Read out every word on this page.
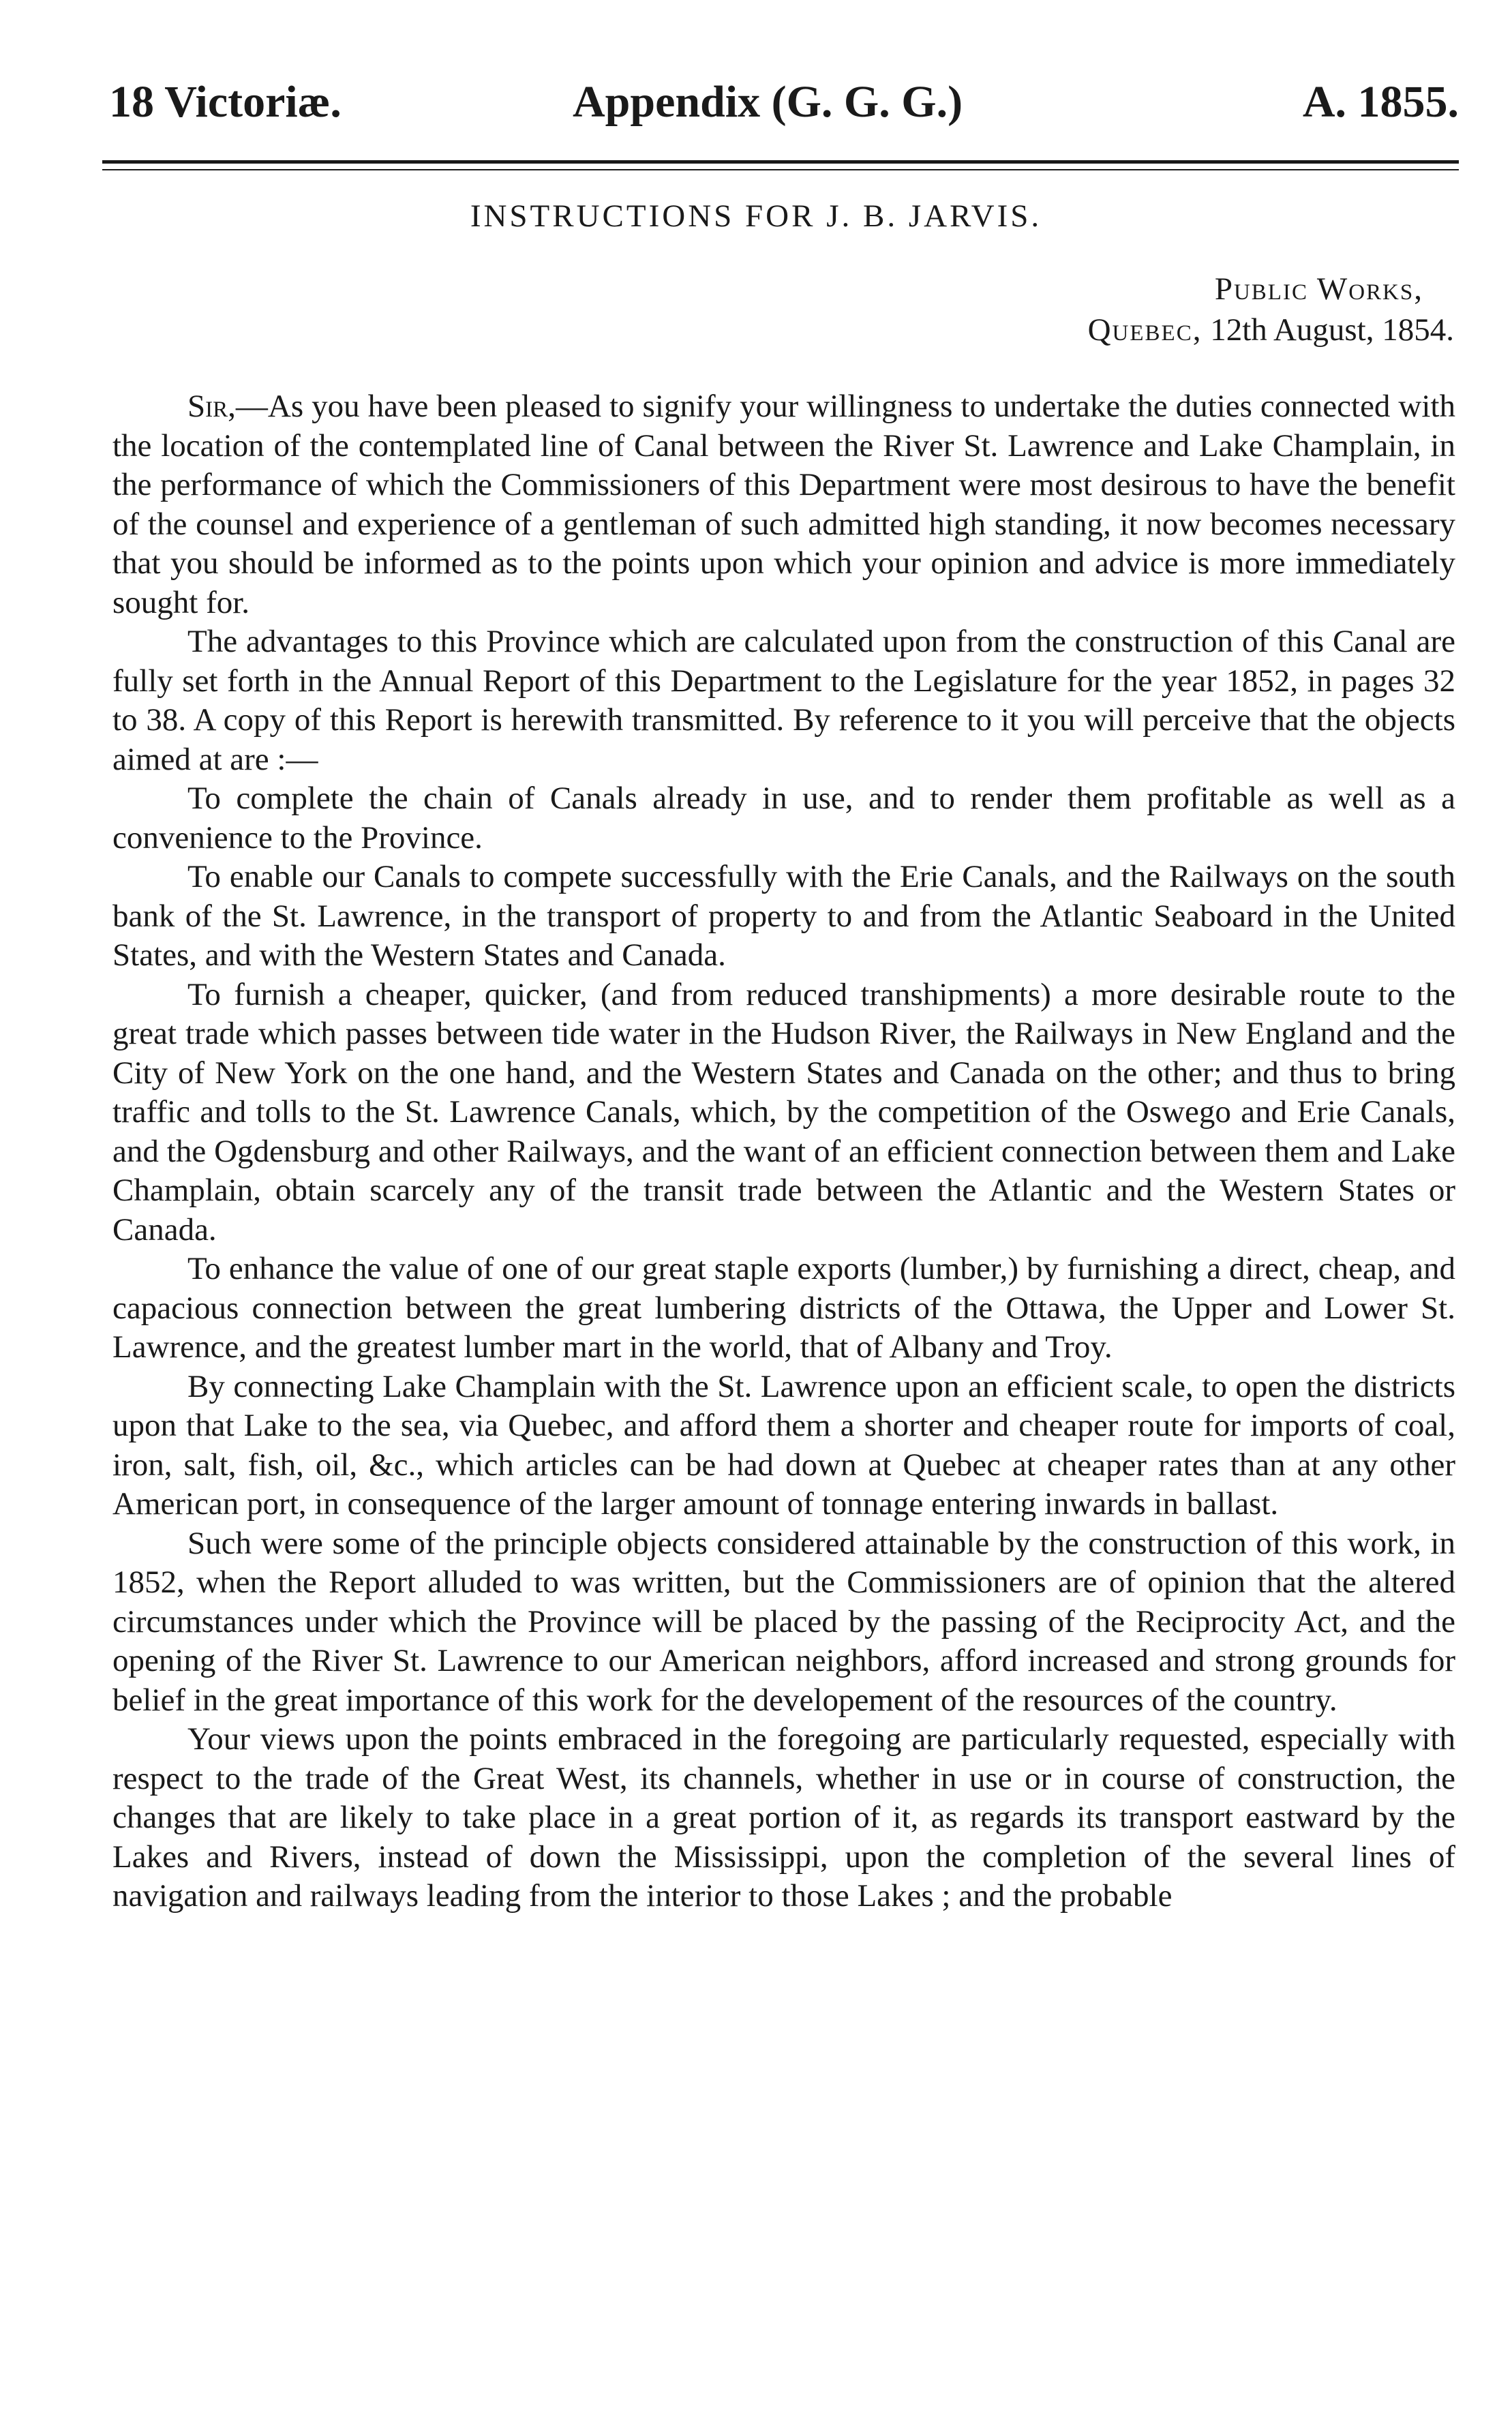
18 Victoriæ.	Appendix (G. G. G.)	A. 1855.
INSTRUCTIONS FOR J. B. JARVIS.
Public Works,
Quebec, 12th August, 1854.

Sir,—As you have been pleased to signify your willingness to undertake the duties connected with the location of the contemplated line of Canal between the River St. Lawrence and Lake Champlain, in the performance of which the Commissioners of this Department were most desirous to have the benefit of the counsel and experience of a gentleman of such admitted high standing, it now becomes necessary that you should be informed as to the points upon which your opinion and advice is more immediately sought for.

The advantages to this Province which are calculated upon from the construction of this Canal are fully set forth in the Annual Report of this Department to the Legislature for the year 1852, in pages 32 to 38. A copy of this Report is herewith transmitted. By reference to it you will perceive that the objects aimed at are :—

To complete the chain of Canals already in use, and to render them profitable as well as a convenience to the Province.

To enable our Canals to compete successfully with the Erie Canals, and the Railways on the south bank of the St. Lawrence, in the transport of property to and from the Atlantic Seaboard in the United States, and with the Western States and Canada.

To furnish a cheaper, quicker, (and from reduced transhipments) a more desirable route to the great trade which passes between tide water in the Hudson River, the Railways in New England and the City of New York on the one hand, and the Western States and Canada on the other; and thus to bring traffic and tolls to the St. Lawrence Canals, which, by the competition of the Oswego and Erie Canals, and the Ogdensburg and other Railways, and the want of an efficient connection between them and Lake Champlain, obtain scarcely any of the transit trade between the Atlantic and the Western States or Canada.

To enhance the value of one of our great staple exports (lumber,) by furnishing a direct, cheap, and capacious connection between the great lumbering districts of the Ottawa, the Upper and Lower St. Lawrence, and the greatest lumber mart in the world, that of Albany and Troy.

By connecting Lake Champlain with the St. Lawrence upon an efficient scale, to open the districts upon that Lake to the sea, via Quebec, and afford them a shorter and cheaper route for imports of coal, iron, salt, fish, oil, &c., which articles can be had down at Quebec at cheaper rates than at any other American port, in consequence of the larger amount of tonnage entering inwards in ballast.

Such were some of the principle objects considered attainable by the construction of this work, in 1852, when the Report alluded to was written, but the Commissioners are of opinion that the altered circumstances under which the Province will be placed by the passing of the Reciprocity Act, and the opening of the River St. Lawrence to our American neighbors, afford increased and strong grounds for belief in the great importance of this work for the developement of the resources of the country.

Your views upon the points embraced in the foregoing are particularly requested, especially with respect to the trade of the Great West, its channels, whether in use or in course of construction, the changes that are likely to take place in a great portion of it, as regards its transport eastward by the Lakes and Rivers, instead of down the Mississippi, upon the completion of the several lines of navigation and railways leading from the interior to those Lakes ; and the probable
